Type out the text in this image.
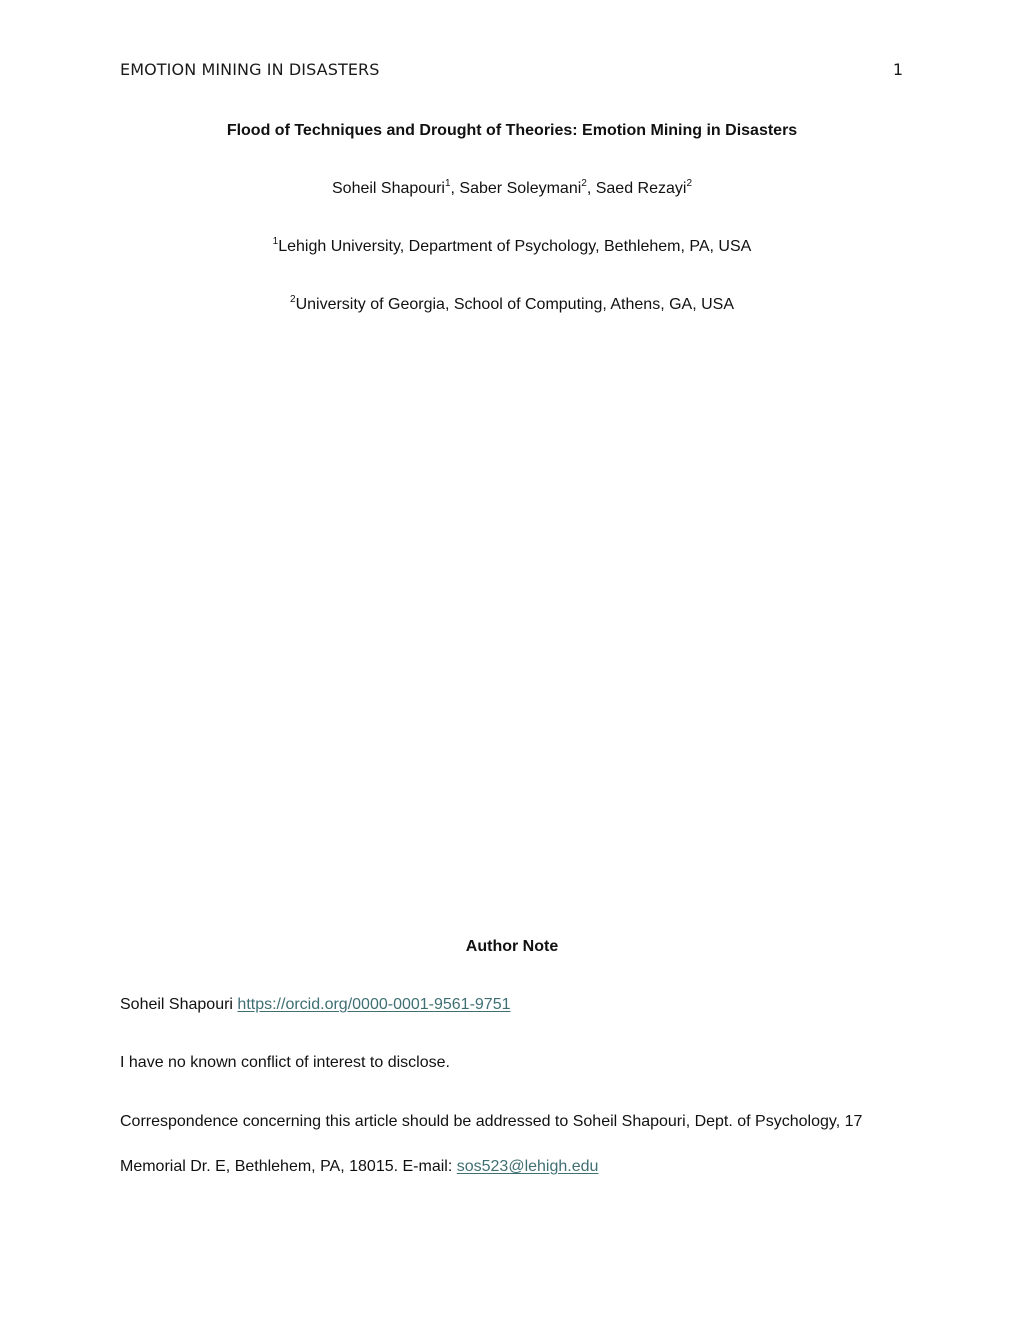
EMOTION MINING IN DISASTERS	1
Flood of Techniques and Drought of Theories: Emotion Mining in Disasters
Soheil Shapouri$^1$, Saber Soleymani$^2$, Saed Rezayi$^2$
$^1$Lehigh University, Department of Psychology, Bethlehem, PA, USA
$^2$University of Georgia, School of Computing, Athens, GA, USA
Author Note
Soheil Shapouri https://orcid.org/0000-0001-9561-9751
I have no known conflict of interest to disclose.
Correspondence concerning this article should be addressed to Soheil Shapouri, Dept. of Psychology, 17
Memorial Dr. E, Bethlehem, PA, 18015. E-mail: sos523@lehigh.edu
